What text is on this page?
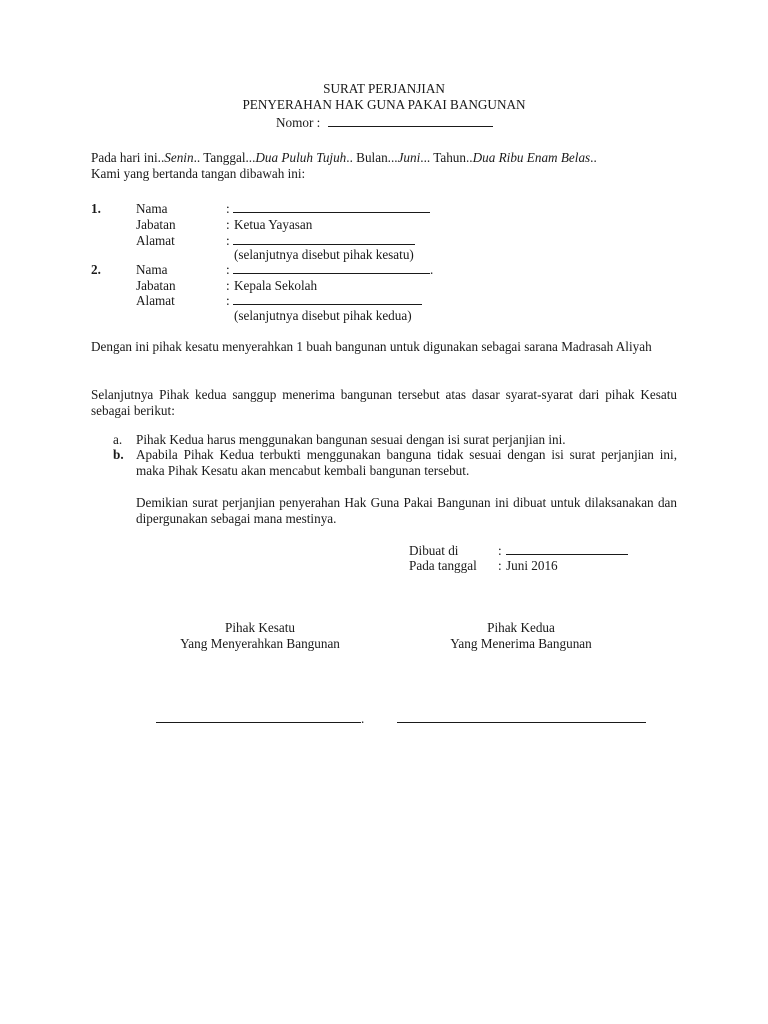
SURAT PERJANJIAN
PENYERAHAN HAK GUNA PAKAI BANGUNAN
Nomor :
Pada hari ini..Senin.. Tanggal...Dua Puluh Tujuh.. Bulan...Juni... Tahun..Dua Ribu Enam Belas..
Kami yang bertanda tangan dibawah ini:
1.	Nama	:
Jabatan	: Ketua Yayasan
Alamat	:
(selanjutnya disebut pihak kesatu)
2.	Nama	:	.
Jabatan	: Kepala Sekolah
Alamat	:
(selanjutnya disebut pihak kedua)
Dengan ini pihak kesatu menyerahkan 1 buah bangunan untuk digunakan sebagai sarana Madrasah Aliyah
Selanjutnya Pihak kedua sanggup menerima bangunan tersebut atas dasar syarat-syarat dari pihak Kesatu sebagai berikut:
a. Pihak Kedua harus menggunakan bangunan sesuai dengan isi surat perjanjian ini.
b. Apabila Pihak Kedua terbukti menggunakan banguna tidak sesuai dengan isi surat perjanjian ini, maka Pihak Kesatu akan mencabut kembali bangunan tersebut.
Demikian surat perjanjian penyerahan Hak Guna Pakai Bangunan ini dibuat untuk dilaksanakan dan dipergunakan sebagai mana mestinya.
Dibuat di	:
Pada tanggal : Juni 2016
Pihak Kesatu
Yang Menyerahkan Bangunan
Pihak Kedua
Yang Menerima Bangunan
.
